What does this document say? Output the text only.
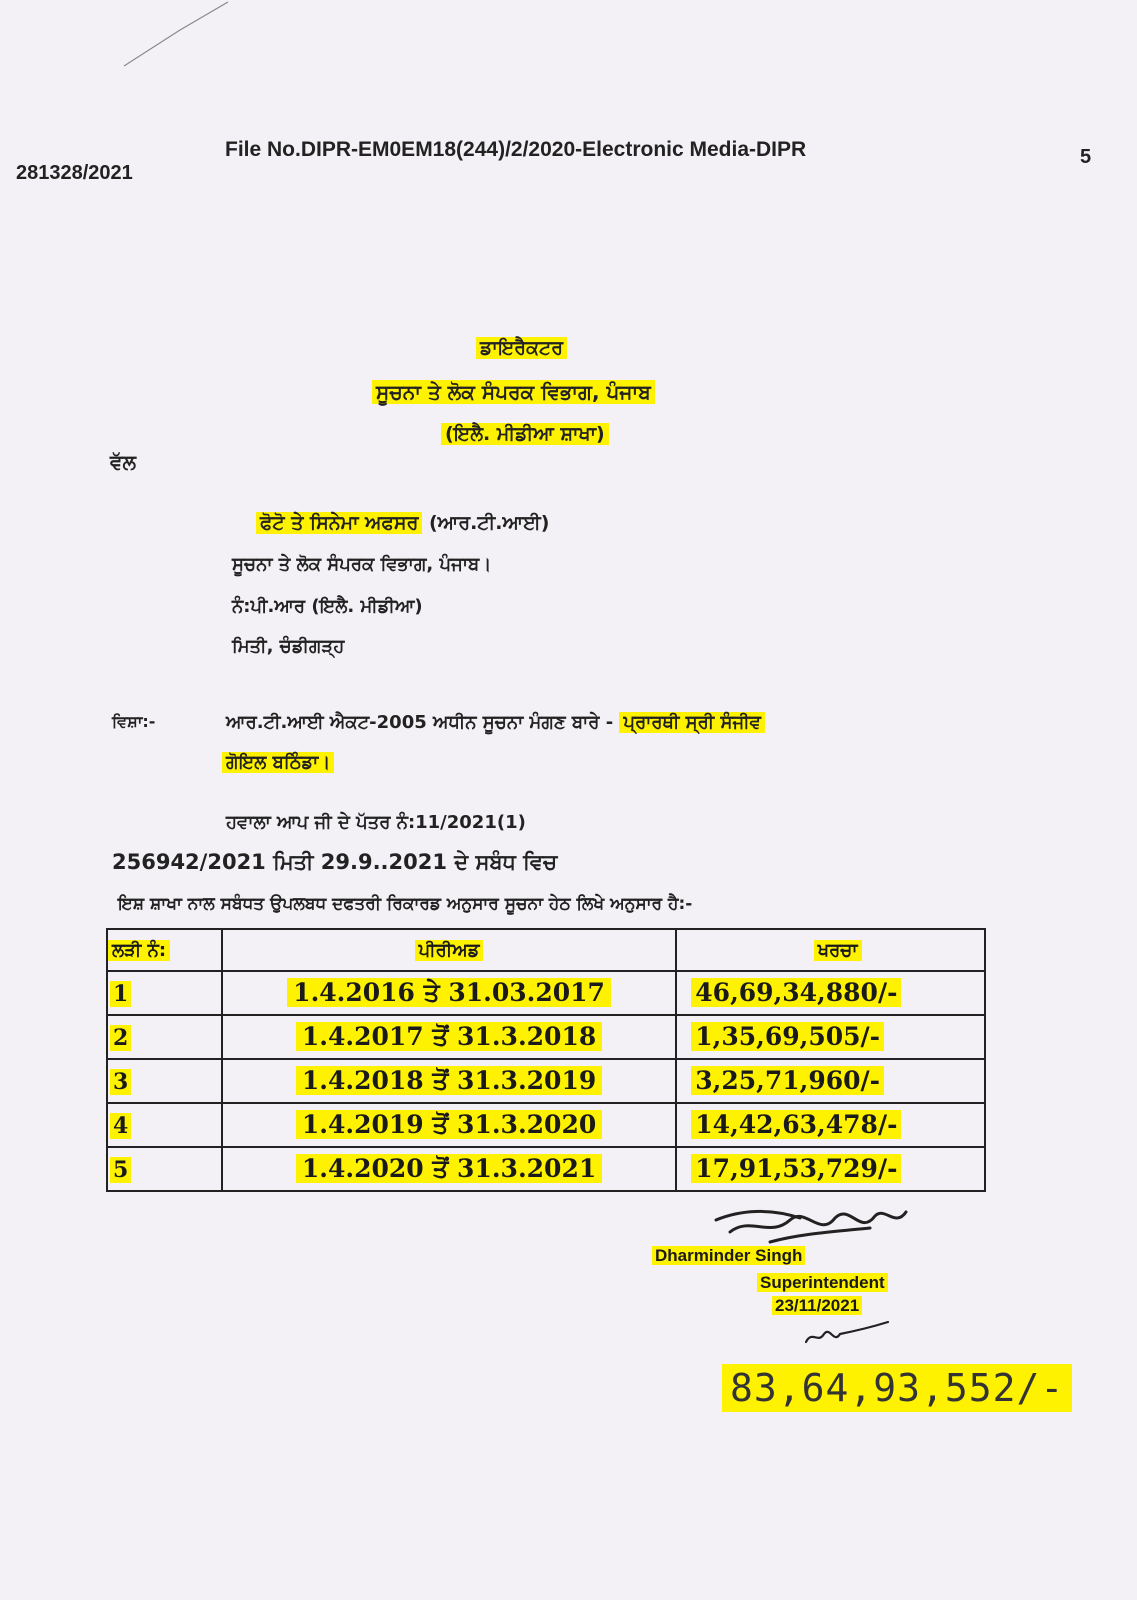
File No.DIPR-EM0EM18(244)/2/2020-Electronic Media-DIPR
281328/2021
5
ਡਾਇਰੈਕਟਰ
ਸੂਚਨਾ ਤੇ ਲੋਕ ਸੰਪਰਕ ਵਿਭਾਗ, ਪੰਜਾਬ
(ਇਲੈ. ਮੀਡੀਆ ਸ਼ਾਖਾ)
ਵੱਲ
ਫੋਟੋ ਤੇ ਸਿਨੇਮਾ ਅਫਸਰ (ਆਰ.ਟੀ.ਆਈ)
ਸੂਚਨਾ ਤੇ ਲੋਕ ਸੰਪਰਕ ਵਿਭਾਗ, ਪੰਜਾਬ।
ਨੰ:ਪੀ.ਆਰ (ਇਲੈ. ਮੀਡੀਆ)
ਮਿਤੀ, ਚੰਡੀਗੜ੍ਹ
ਵਿਸ਼ਾ:-	ਆਰ.ਟੀ.ਆਈ ਐਕਟ-2005 ਅਧੀਨ ਸੂਚਨਾ ਮੰਗਣ ਬਾਰੇ - ਪ੍ਰਾਰਥੀ ਸ੍ਰੀ ਸੰਜੀਵ
ਗੋਇਲ ਬਠਿੰਡਾ।
ਹਵਾਲਾ ਆਪ ਜੀ ਦੇ ਪੱਤਰ ਨੰ:11/2021(1)
256942/2021 ਮਿਤੀ 29.9..2021 ਦੇ ਸਬੰਧ ਵਿਚ
ਇਸ਼ ਸ਼ਾਖਾ ਨਾਲ ਸਬੰਧਤ ਉਪਲਬਧ ਦਫਤਰੀ ਰਿਕਾਰਡ ਅਨੁਸਾਰ ਸੂਚਨਾ ਹੇਠ ਲਿਖੇ ਅਨੁਸਾਰ ਹੈ:-
ਲੜੀ ਨੰ:	ਪੀਰੀਅਡ	ਖਰਚਾ
1	1.4.2016 ਤੇ 31.03.2017	46,69,34,880/-
2	1.4.2017 ਤੋਂ 31.3.2018	1,35,69,505/-
3	1.4.2018 ਤੋਂ 31.3.2019	3,25,71,960/-
4	1.4.2019 ਤੋਂ 31.3.2020	14,42,63,478/-
5	1.4.2020 ਤੋਂ 31.3.2021	17,91,53,729/-
Dharminder Singh
Superintendent
23/11/2021
83,64,93,552/-
